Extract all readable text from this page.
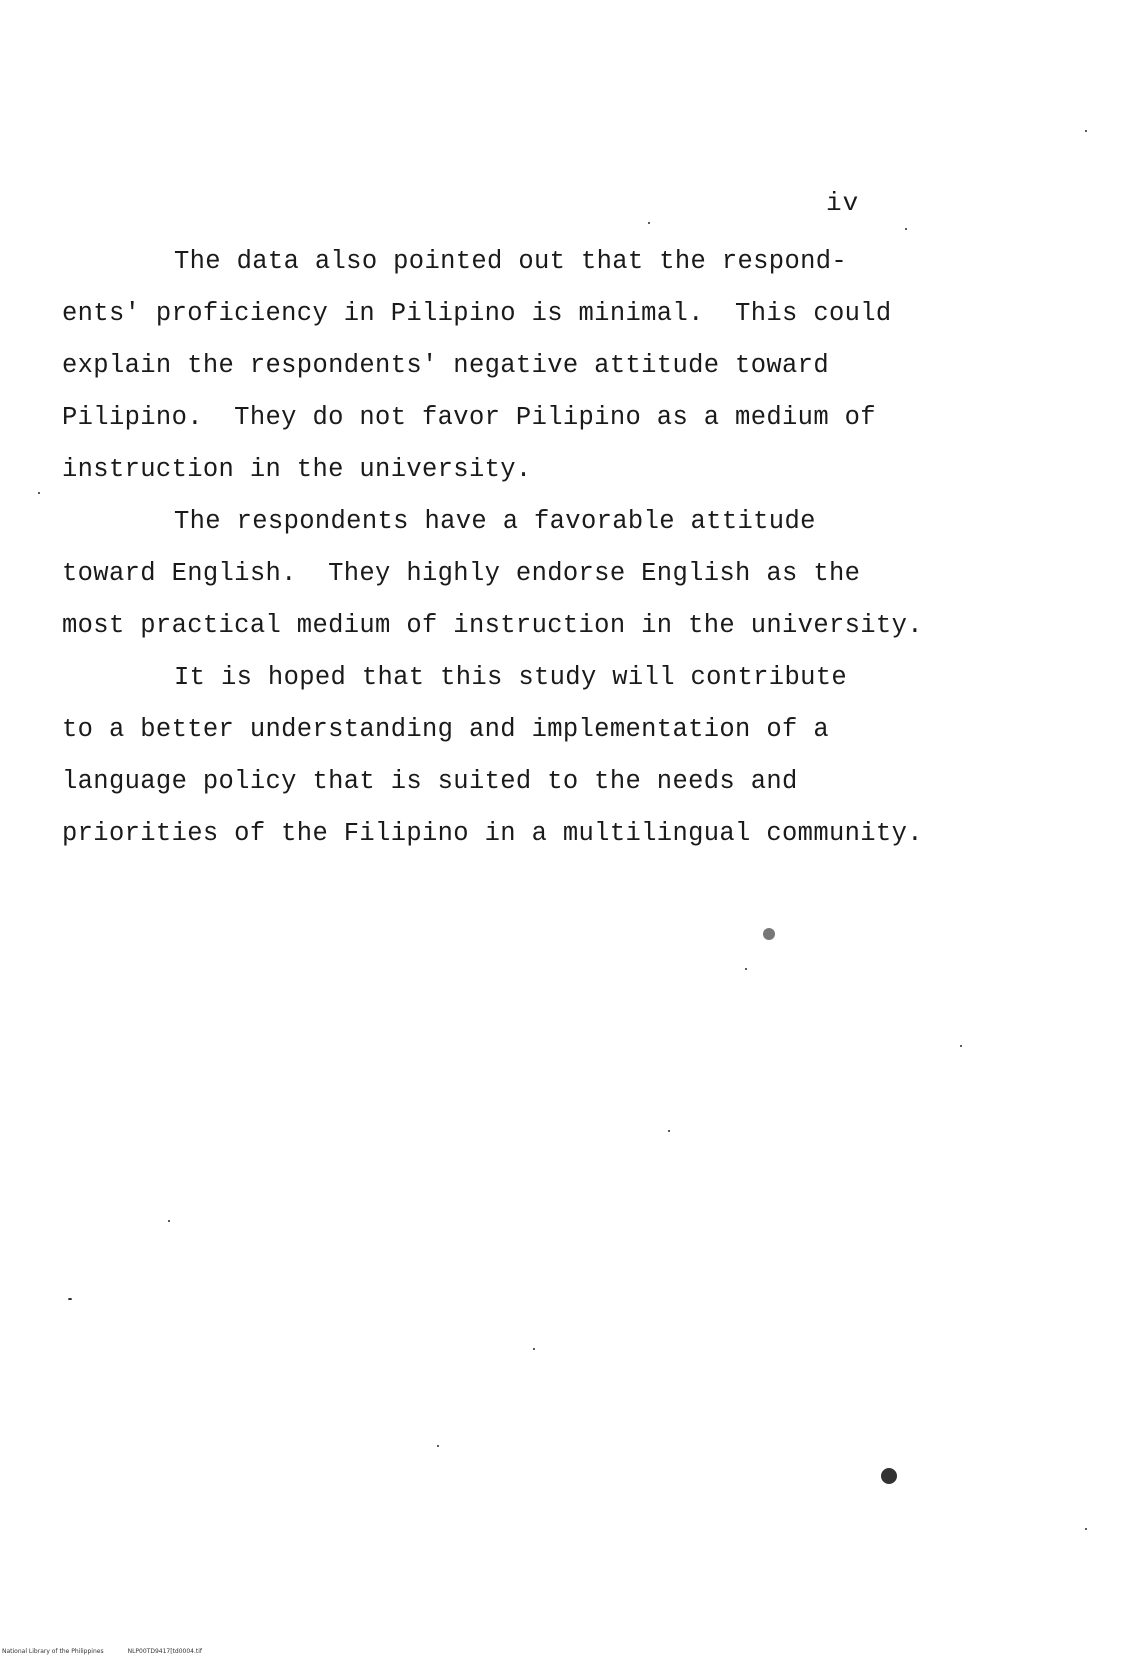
iv
The data also pointed out that the respond-
ents' proficiency in Pilipino is minimal.  This could
explain the respondents' negative attitude toward
Pilipino.  They do not favor Pilipino as a medium of
instruction in the university.
The respondents have a favorable attitude
toward English.  They highly endorse English as the
most practical medium of instruction in the university.
It is hoped that this study will contribute
to a better understanding and implementation of a
language policy that is suited to the needs and
priorities of the Filipino in a multilingual community.
National Library of the Philippines	NLP00TD9417[td0004.tif
